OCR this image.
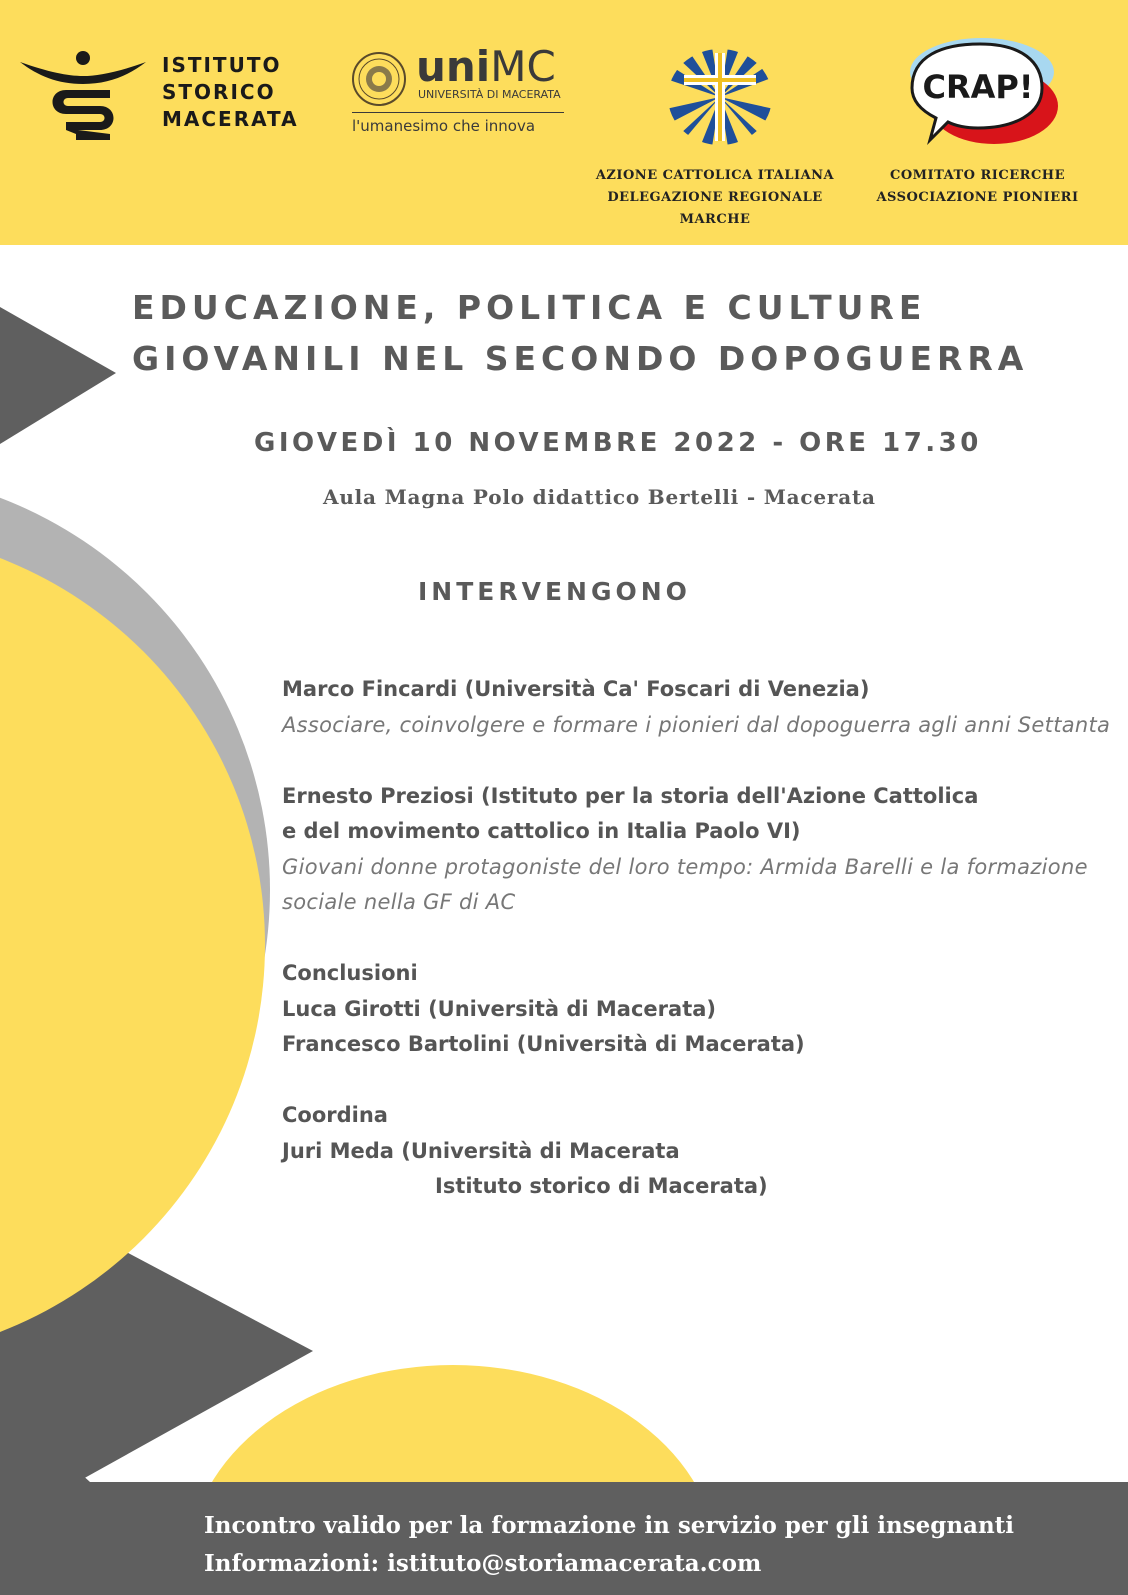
ISTITUTO
STORICO
MACERATA
uniMC
UNIVERSITÀ DI MACERATA
l'umanesimo che innova
AZIONE CATTOLICA ITALIANA
DELEGAZIONE REGIONALE
MARCHE
CRAP!
COMITATO RICERCHE
ASSOCIAZIONE PIONIERI
EDUCAZIONE, POLITICA E CULTURE
GIOVANILI NEL SECONDO DOPOGUERRA
GIOVEDÌ 10 NOVEMBRE 2022 - ORE 17.30
Aula Magna Polo didattico Bertelli - Macerata
INTERVENGONO
Marco Fincardi (Università Ca' Foscari di Venezia)
Associare, coinvolgere e formare i pionieri dal dopoguerra agli anni Settanta
Ernesto Preziosi (Istituto per la storia dell'Azione Cattolica
e del movimento cattolico in Italia Paolo VI)
Giovani donne protagoniste del loro tempo: Armida Barelli e la formazione sociale nella GF di AC
Conclusioni
Luca Girotti (Università di Macerata)
Francesco Bartolini (Università di Macerata)
Coordina
Juri Meda (Università di Macerata
Istituto storico di Macerata)
Incontro valido per la formazione in servizio per gli insegnanti
Informazioni: istituto@storiamacerata.com
